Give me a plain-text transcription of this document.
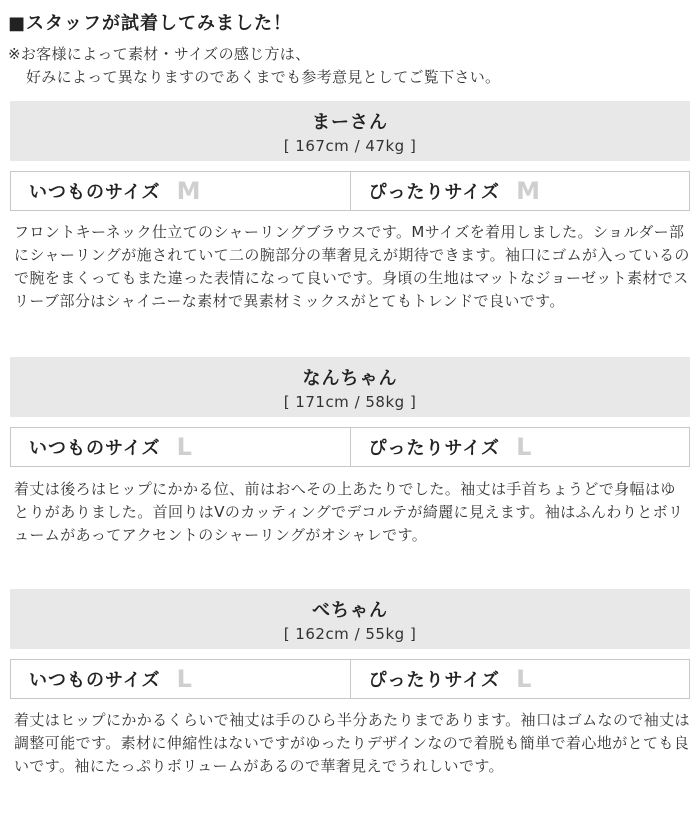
■スタッフが試着してみました！
※お客様によって素材・サイズの感じ方は、
好みによって異なりますのであくまでも参考意見としてご覧下さい。
まーさん
[ 167cm / 47kg ]
いつものサイズ M	ぴったりサイズ M
フロントキーネック仕立てのシャーリングブラウスです。Mサイズを着用しました。ショルダー部にシャーリングが施されていて二の腕部分の華奢見えが期待できます。袖口にゴムが入っているので腕をまくってもまた違った表情になって良いです。身頃の生地はマットなジョーゼット素材でスリーブ部分はシャイニーな素材で異素材ミックスがとてもトレンドで良いです。
なんちゃん
[ 171cm / 58kg ]
いつものサイズ L	ぴったりサイズ L
着丈は後ろはヒップにかかる位、前はおへその上あたりでした。袖丈は手首ちょうどで身幅はゆとりがありました。首回りはVのカッティングでデコルテが綺麗に見えます。袖はふんわりとボリュームがあってアクセントのシャーリングがオシャレです。
べちゃん
[ 162cm / 55kg ]
いつものサイズ L	ぴったりサイズ L
着丈はヒップにかかるくらいで袖丈は手のひら半分あたりまであります。袖口はゴムなので袖丈は調整可能です。素材に伸縮性はないですがゆったりデザインなので着脱も簡単で着心地がとても良いです。袖にたっぷりボリュームがあるので華奢見えでうれしいです。
